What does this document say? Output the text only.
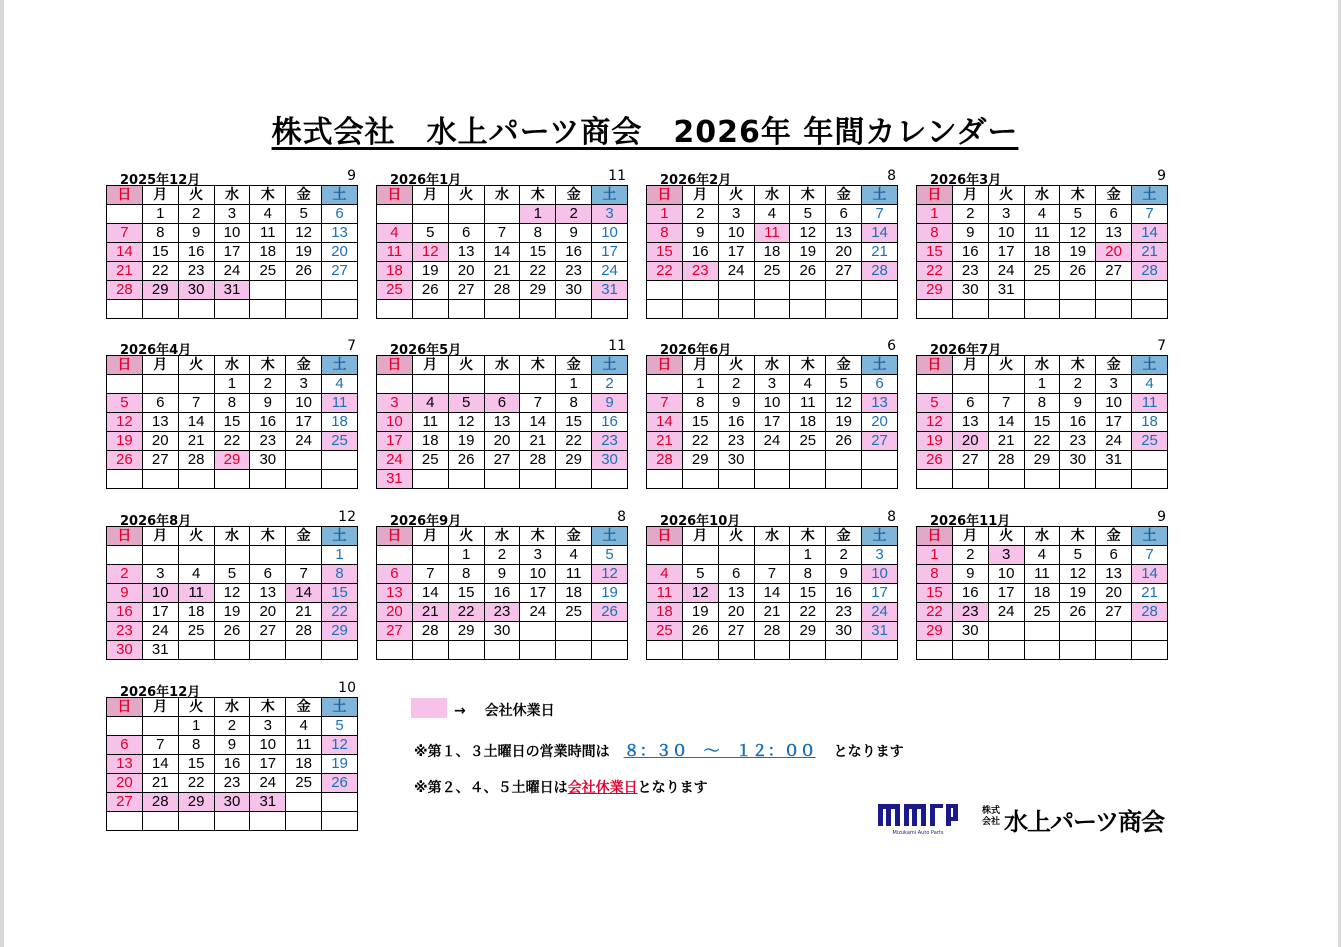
株式会社　水上パーツ商会　2026年 年間カレンダー
2025年12月	9
日	月	火	水	木	金	土
	1	2	3	4	5	6
7	8	9	10	11	12	13
14	15	16	17	18	19	20
21	22	23	24	25	26	27
28	29	30	31			

2026年1月	11
日	月	火	水	木	金	土
				1	2	3
4	5	6	7	8	9	10
11	12	13	14	15	16	17
18	19	20	21	22	23	24
25	26	27	28	29	30	31

2026年2月	8
日	月	火	水	木	金	土
1	2	3	4	5	6	7
8	9	10	11	12	13	14
15	16	17	18	19	20	21
22	23	24	25	26	27	28

2026年3月	9
日	月	火	水	木	金	土
1	2	3	4	5	6	7
8	9	10	11	12	13	14
15	16	17	18	19	20	21
22	23	24	25	26	27	28
29	30	31				

2026年4月	7
日	月	火	水	木	金	土
			1	2	3	4
5	6	7	8	9	10	11
12	13	14	15	16	17	18
19	20	21	22	23	24	25
26	27	28	29	30		

2026年5月	11
日	月	火	水	木	金	土
					1	2
3	4	5	6	7	8	9
10	11	12	13	14	15	16
17	18	19	20	21	22	23
24	25	26	27	28	29	30
31						
2026年6月	6
日	月	火	水	木	金	土
	1	2	3	4	5	6
7	8	9	10	11	12	13
14	15	16	17	18	19	20
21	22	23	24	25	26	27
28	29	30				

2026年7月	7
日	月	火	水	木	金	土
			1	2	3	4
5	6	7	8	9	10	11
12	13	14	15	16	17	18
19	20	21	22	23	24	25
26	27	28	29	30	31	

2026年8月	12
日	月	火	水	木	金	土
						1
2	3	4	5	6	7	8
9	10	11	12	13	14	15
16	17	18	19	20	21	22
23	24	25	26	27	28	29
30	31					
2026年9月	8
日	月	火	水	木	金	土
		1	2	3	4	5
6	7	8	9	10	11	12
13	14	15	16	17	18	19
20	21	22	23	24	25	26
27	28	29	30			

2026年10月	8
日	月	火	水	木	金	土
				1	2	3
4	5	6	7	8	9	10
11	12	13	14	15	16	17
18	19	20	21	22	23	24
25	26	27	28	29	30	31

2026年11月	9
日	月	火	水	木	金	土
1	2	3	4	5	6	7
8	9	10	11	12	13	14
15	16	17	18	19	20	21
22	23	24	25	26	27	28
29	30					

2026年12月	10
日	月	火	水	木	金	土
		1	2	3	4	5
6	7	8	9	10	11	12
13	14	15	16	17	18	19
20	21	22	23	24	25	26
27	28	29	30	31		

→　 会社休業日
※第１、３土曜日の営業時間は ８：３０　～　１２：００ となります
※第２、４、５土曜日は会社休業日となります
Mizukami Auto Parts
株式会社 水上パーツ商会
